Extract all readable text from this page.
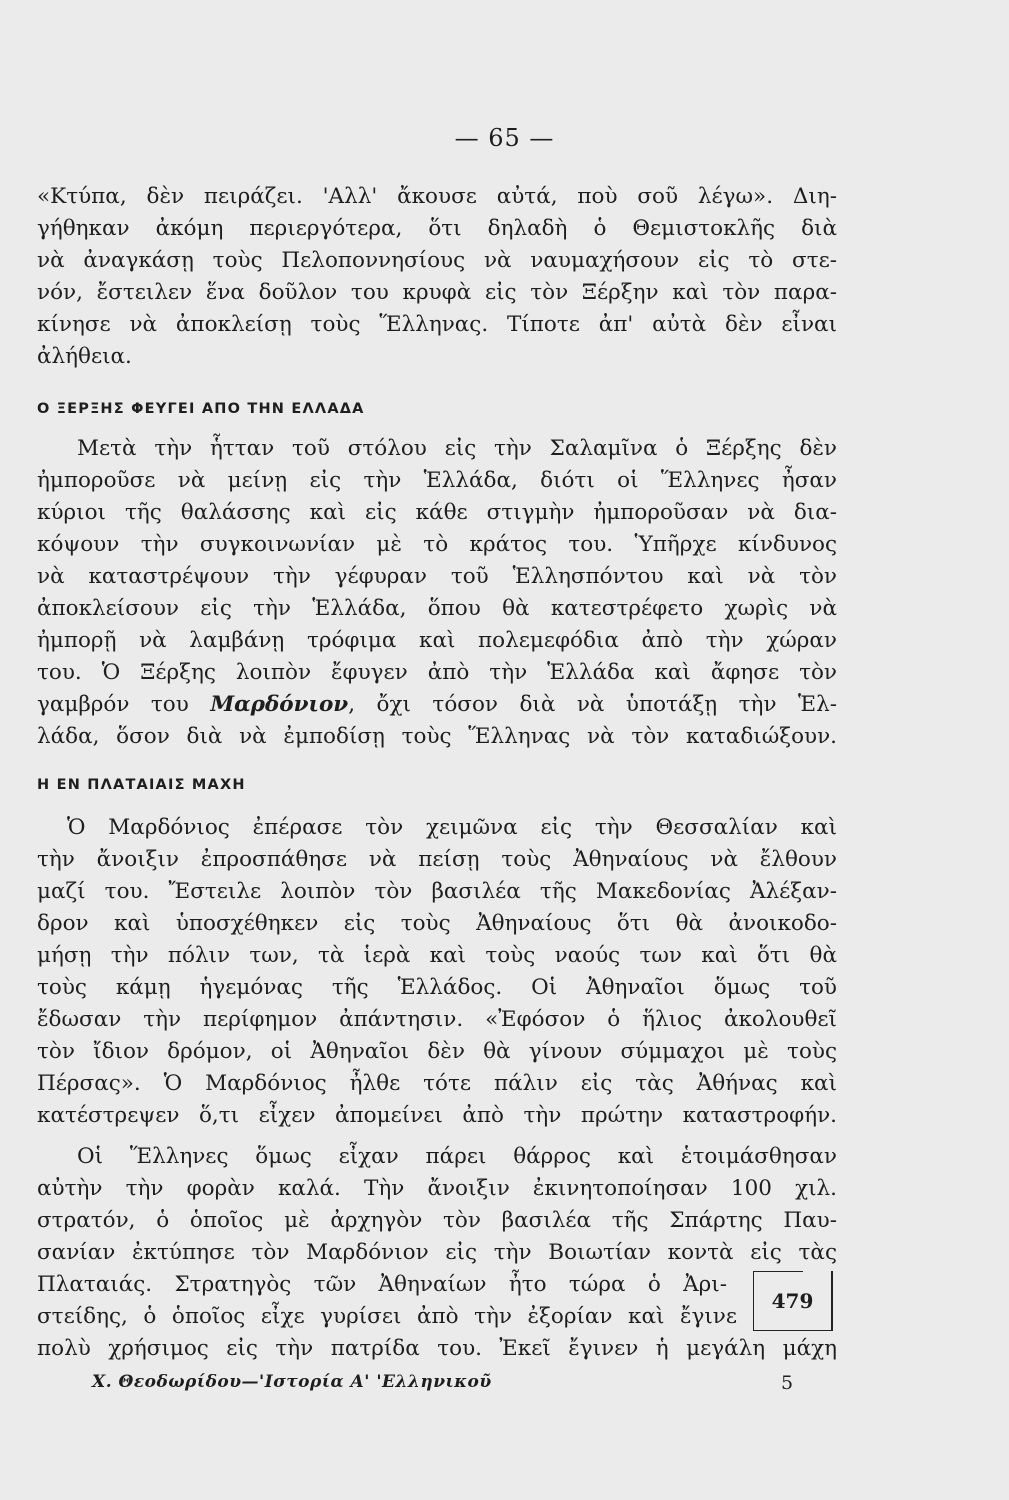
— 65 —
«Κτύπα, δὲν πειράζει. 'Αλλ' ἄκουσε αὐτά, ποὺ σοῦ λέγω». Διη-
γήθηκαν ἀκόμη περιεργότερα, ὅτι δηλαδὴ ὁ Θεμιστοκλῆς διὰ
νὰ ἀναγκάσῃ τοὺς Πελοποννησίους νὰ ναυμαχήσουν εἰς τὸ στε-
νόν, ἔστειλεν ἕνα δοῦλον του κρυφὰ εἰς τὸν Ξέρξην καὶ τὸν παρα-
κίνησε νὰ ἀποκλείσῃ τοὺς Ἕλληνας. Τίποτε ἀπ' αὐτὰ δὲν εἶναι
ἀλήθεια.
Ο ΞΕΡΞΗΣ ΦΕΥΓΕΙ ΑΠΟ ΤΗΝ ΕΛΛΑΔΑ
Μετὰ τὴν ἧτταν τοῦ στόλου εἰς τὴν Σαλαμῖνα ὁ Ξέρξης δὲν
ἠμποροῦσε νὰ μείνῃ εἰς τὴν Ἑλλάδα, διότι οἱ Ἕλληνες ἦσαν
κύριοι τῆς θαλάσσης καὶ εἰς κάθε στιγμὴν ἠμποροῦσαν νὰ δια-
κόψουν τὴν συγκοινωνίαν μὲ τὸ κράτος του. Ὑπῆρχε κίνδυνος
νὰ καταστρέψουν τὴν γέφυραν τοῦ Ἑλλησπόντου καὶ νὰ τὸν
ἀποκλείσουν εἰς τὴν Ἑλλάδα, ὅπου θὰ κατεστρέφετο χωρὶς νὰ
ἠμπορῇ νὰ λαμβάνῃ τρόφιμα καὶ πολεμεφόδια ἀπὸ τὴν χώραν
του. Ὁ Ξέρξης λοιπὸν ἔφυγεν ἀπὸ τὴν Ἑλλάδα καὶ ἄφησε τὸν
γαμβρόν του Μαρδόνιον, ὄχι τόσον διὰ νὰ ὑποτάξῃ τὴν Ἑλ-
λάδα, ὅσον διὰ νὰ ἐμποδίσῃ τοὺς Ἕλληνας νὰ τὸν καταδιώξουν.
Η ΕΝ ΠΛΑΤΑΙΑΙΣ ΜΑΧΗ
Ὁ Μαρδόνιος ἐπέρασε τὸν χειμῶνα εἰς τὴν Θεσσαλίαν καὶ
τὴν ἄνοιξιν ἐπροσπάθησε νὰ πείσῃ τοὺς Ἀθηναίους νὰ ἔλθουν
μαζί του. Ἔστειλε λοιπὸν τὸν βασιλέα τῆς Μακεδονίας Ἀλέξαν-
δρον καὶ ὑποσχέθηκεν εἰς τοὺς Ἀθηναίους ὅτι θὰ ἀνοικοδο-
μήσῃ τὴν πόλιν των, τὰ ἱερὰ καὶ τοὺς ναούς των καὶ ὅτι θὰ
τοὺς κάμῃ ἡγεμόνας τῆς Ἑλλάδος. Οἱ Ἀθηναῖοι ὅμως τοῦ
ἔδωσαν τὴν περίφημον ἀπάντησιν. «Ἐφόσον ὁ ἥλιος ἀκολουθεῖ
τὸν ἴδιον δρόμον, οἱ Ἀθηναῖοι δὲν θὰ γίνουν σύμμαχοι μὲ τοὺς
Πέρσας». Ὁ Μαρδόνιος ἦλθε τότε πάλιν εἰς τὰς Ἀθήνας καὶ
κατέστρεψεν ὅ,τι εἶχεν ἀπομείνει ἀπὸ τὴν πρώτην καταστροφήν.
Οἱ Ἕλληνες ὅμως εἶχαν πάρει θάρρος καὶ ἑτοιμάσθησαν
αὐτὴν τὴν φορὰν καλά. Τὴν ἄνοιξιν ἐκινητοποίησαν 100 χιλ.
στρατόν, ὁ ὁποῖος μὲ ἀρχηγὸν τὸν βασιλέα τῆς Σπάρτης Παυ-
σανίαν ἐκτύπησε τὸν Μαρδόνιον εἰς τὴν Βοιωτίαν κοντὰ εἰς τὰς
Πλαταιάς. Στρατηγὸς τῶν Ἀθηναίων ἦτο τώρα ὁ Ἀρι-
στείδης, ὁ ὁποῖος εἶχε γυρίσει ἀπὸ τὴν ἐξορίαν καὶ ἔγινε
πολὺ χρήσιμος εἰς τὴν πατρίδα του. Ἐκεῖ ἔγινεν ἡ μεγάλη μάχη
479
Χ. Θεοδωρίδου—'Ιστορία Α' 'Ελληνικοῦ	5
